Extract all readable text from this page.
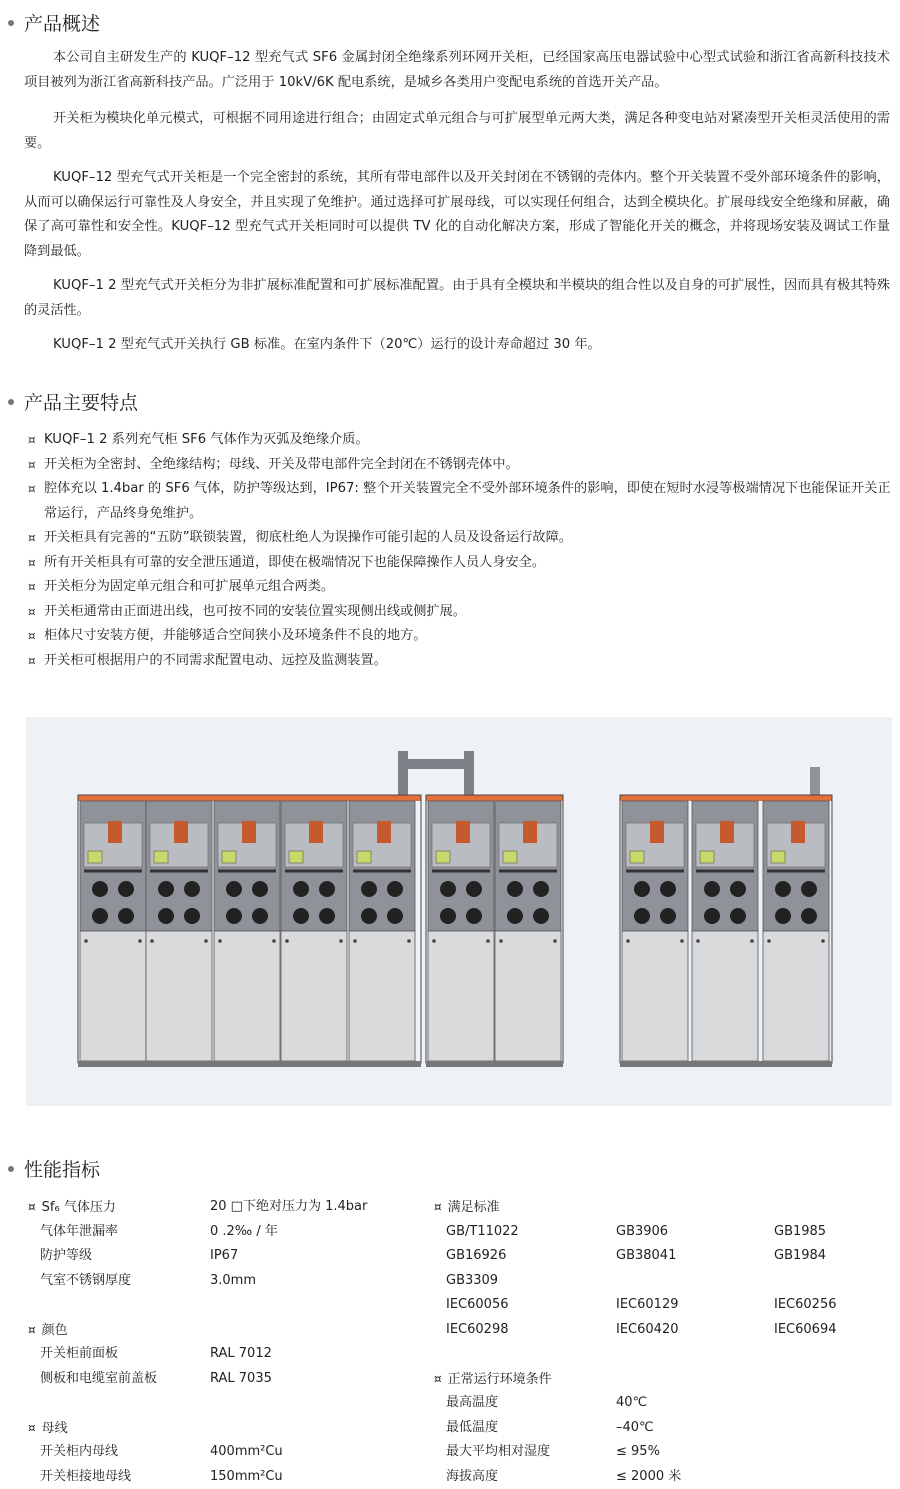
产品概述
本公司自主研发生产的 KUQF–12 型充气式 SF6 金属封闭全绝缘系列环网开关柜，已经国家高压电器试验中心型式试验和浙江省高新科技技术项目被列为浙江省高新科技产品。广泛用于 10kV/6K 配电系统，是城乡各类用户变配电系统的首选开关产品。
开关柜为模块化单元模式，可根据不同用途进行组合；由固定式单元组合与可扩展型单元两大类，满足各种变电站对紧凑型开关柜灵活使用的需要。
KUQF–12 型充气式开关柜是一个完全密封的系统，其所有带电部件以及开关封闭在不锈钢的壳体内。整个开关装置不受外部环境条件的影响，从而可以确保运行可靠性及人身安全，并且实现了免维护。通过选择可扩展母线，可以实现任何组合，达到全模块化。扩展母线安全绝缘和屏蔽，确保了高可靠性和安全性。KUQF–12 型充气式开关柜同时可以提供 TV 化的自动化解决方案，形成了智能化开关的概念，并将现场安装及调试工作量降到最低。
KUQF–1 2 型充气式开关柜分为非扩展标准配置和可扩展标准配置。由于具有全模块和半模块的组合性以及自身的可扩展性，因而具有极其特殊的灵活性。
KUQF–1 2 型充气式开关执行 GB 标准。在室内条件下（20℃）运行的设计寿命超过 30 年。
产品主要特点
¤ KUQF–1 2 系列充气柜 SF6 气体作为灭弧及绝缘介质。
¤ 开关柜为全密封、全绝缘结构；母线、开关及带电部件完全封闭在不锈钢壳体中。
¤ 腔体充以 1.4bar 的 SF6 气体，防护等级达到，IP67: 整个开关装置完全不受外部环境条件的影响，即使在短时水浸等极端情况下也能保证开关正常运行，产品终身免维护。
¤ 开关柜具有完善的“五防”联锁装置，彻底杜绝人为误操作可能引起的人员及设备运行故障。
¤ 所有开关柜具有可靠的安全泄压通道，即使在极端情况下也能保障操作人员人身安全。
¤ 开关柜分为固定单元组合和可扩展单元组合两类。
¤ 开关柜通常由正面进出线，也可按不同的安装位置实现侧出线或侧扩展。
¤ 柜体尺寸安装方便，并能够适合空间狭小及环境条件不良的地方。
¤ 开关柜可根据用户的不同需求配置电动、远控及监测装置。
性能指标
¤ Sf₆ 气体压力	20 □下绝对压力为 1.4bar
气体年泄漏率	0 .2‰ / 年
防护等级	IP67
气室不锈钢厚度	3.0mm
¤ 颜色
开关柜前面板	RAL 7012
侧板和电缆室前盖板	RAL 7035
¤ 母线
开关柜内母线	400mm²Cu
开关柜接地母线	150mm²Cu
¤ 满足标准
GB/T11022	GB3906	GB1985
GB16926	GB38041	GB1984
GB3309
IEC60056	IEC60129	IEC60256
IEC60298	IEC60420	IEC60694
¤ 正常运行环境条件
最高温度	40℃
最低温度	–40℃
最大平均相对湿度	≤ 95%
海拔高度	≤ 2000 米
